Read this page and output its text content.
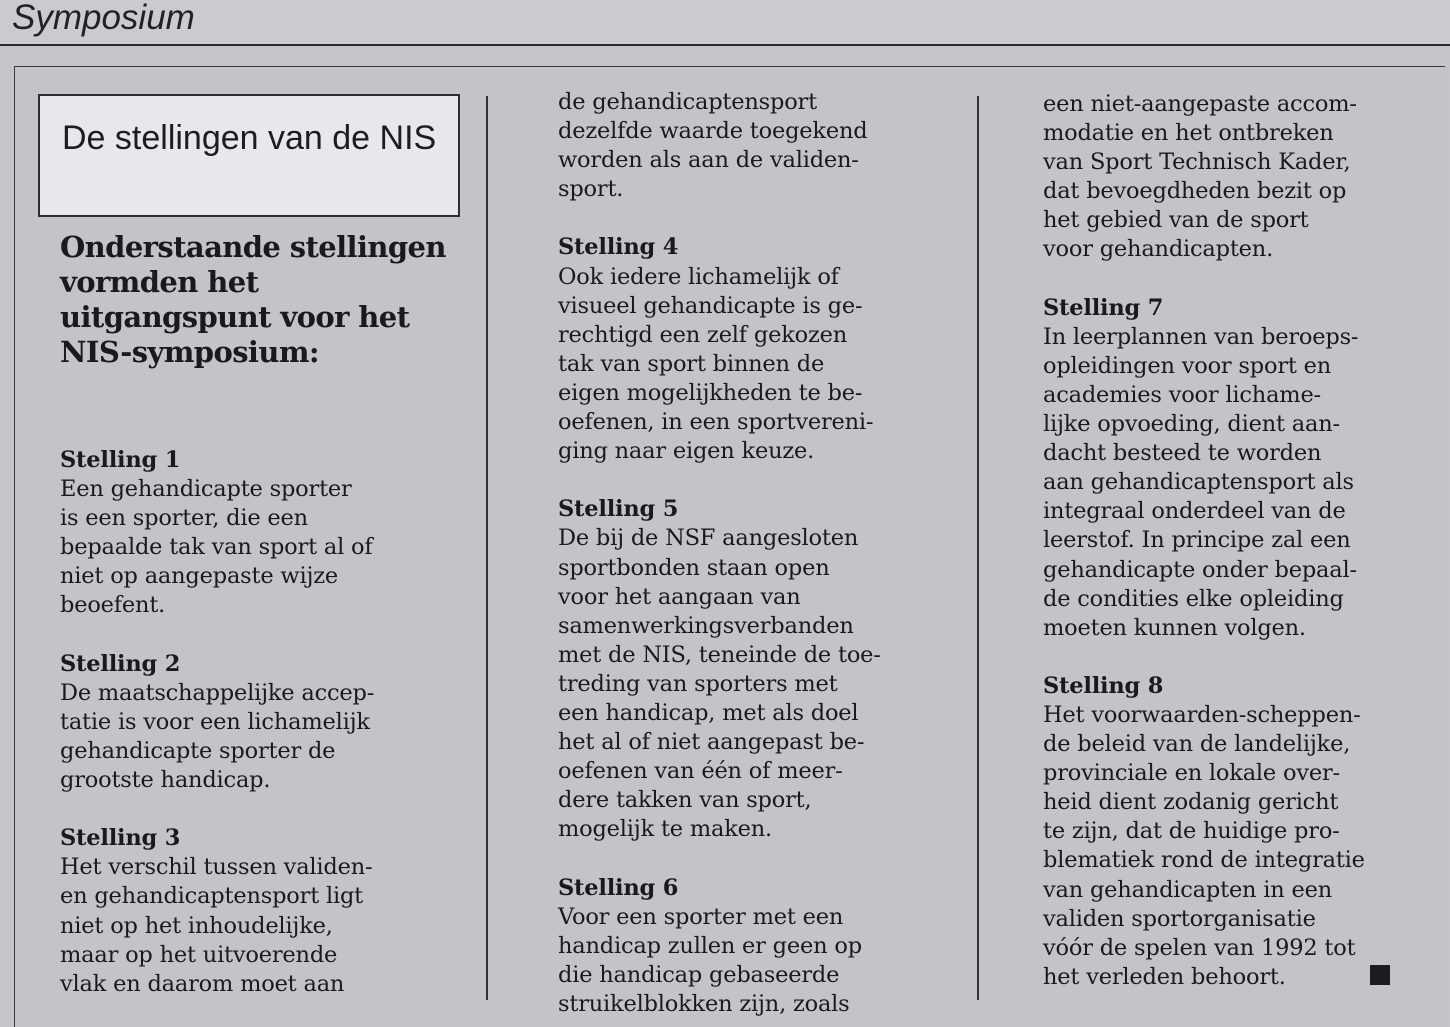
Symposium
De stellingen van de NIS
Onderstaande stellingen vormden het uitgangspunt voor het NIS-symposium:
Stelling 1
Een gehandicapte sporter
is een sporter, die een
bepaalde tak van sport al of
niet op aangepaste wijze
beoefent.
Stelling 2
De maatschappelijke accep-
tatie is voor een lichamelijk
gehandicapte sporter de
grootste handicap.
Stelling 3
Het verschil tussen validen-
en gehandicaptensport ligt
niet op het inhoudelijke,
maar op het uitvoerende
vlak en daarom moet aan
de gehandicaptensport
dezelfde waarde toegekend
worden als aan de validen-
sport.
Stelling 4
Ook iedere lichamelijk of
visueel gehandicapte is ge-
rechtigd een zelf gekozen
tak van sport binnen de
eigen mogelijkheden te be-
oefenen, in een sportvereni-
ging naar eigen keuze.
Stelling 5
De bij de NSF aangesloten
sportbonden staan open
voor het aangaan van
samenwerkingsverbanden
met de NIS, teneinde de toe-
treding van sporters met
een handicap, met als doel
het al of niet aangepast be-
oefenen van één of meer-
dere takken van sport,
mogelijk te maken.
Stelling 6
Voor een sporter met een
handicap zullen er geen op
die handicap gebaseerde
struikelblokken zijn, zoals
een niet-aangepaste accom-
modatie en het ontbreken
van Sport Technisch Kader,
dat bevoegdheden bezit op
het gebied van de sport
voor gehandicapten.
Stelling 7
In leerplannen van beroeps-
opleidingen voor sport en
academies voor lichame-
lijke opvoeding, dient aan-
dacht besteed te worden
aan gehandicaptensport als
integraal onderdeel van de
leerstof. In principe zal een
gehandicapte onder bepaal-
de condities elke opleiding
moeten kunnen volgen.
Stelling 8
Het voorwaarden-scheppen-
de beleid van de landelijke,
provinciale en lokale over-
heid dient zodanig gericht
te zijn, dat de huidige pro-
blematiek rond de integratie
van gehandicapten in een
validen sportorganisatie
vóór de spelen van 1992 tot
het verleden behoort.
